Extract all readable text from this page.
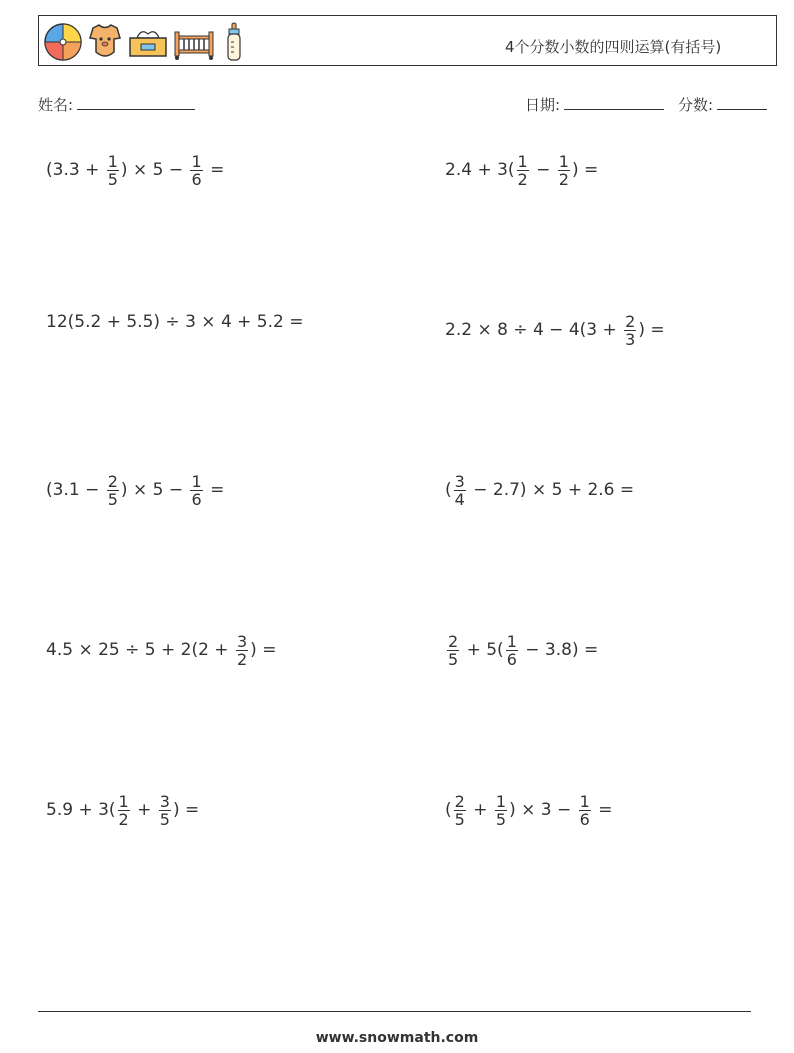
4个分数小数的四则运算(有括号)
姓名:	日期:	分数:
($3.3 + \frac{1}{5}$ ) × $5 - \frac{1}{6}$ =	$2.4 + 3( \frac{1}{2} - \frac{1}{2}$ ) =
12(5.2 + 5.5) ÷ 3 × 4 + 5.2 =	$2.2 \times 8 \div 4 - 4(3 + \frac{2}{3}$ ) =
($3.1 - \frac{2}{5}$ ) × $5 - \frac{1}{6}$ =	( $\frac{3}{4} - 2.7) \times 5 + 2.6$ =
$4.5 \times 25 \div 5 + 2(2 + \frac{3}{2}$ ) =	$\frac{2}{5} + 5( \frac{1}{6} - 3.8)$ =
$5.9 + 3( \frac{1}{2} + \frac{3}{5}$ ) =	( $\frac{2}{5} + \frac{1}{5}$ ) × $3 - \frac{1}{6}$ =
www.snowmath.com
